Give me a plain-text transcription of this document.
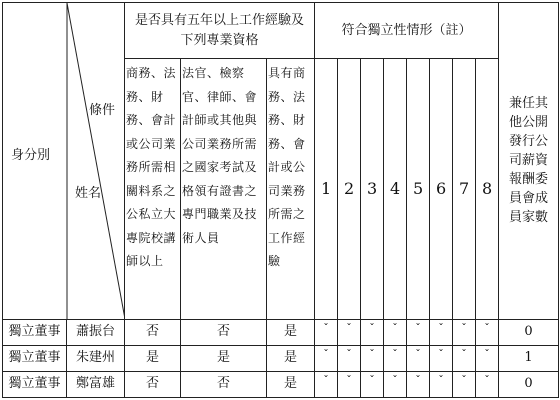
身分別
條件
姓名		是否具有五年以上工作經驗及下列專業資格			符合獨立性情形（註）								兼任其他公開發行公司薪資報酬委員會成員家數
		商務、法務、財務、會計或公司業務所需相關料系之公私立大專院校講師以上	法官、檢察官、律師、會計師或其他與公司業務所需之國家考試及格領有證書之專門職業及技術人員	具有商務、法務、財務、會計或公司業務所需之工作經驗	1	2	3	4	5	6	7	8	
獨立董事	蕭振台	否	否	是	ˇ	ˇ	ˇ	ˇ	ˇ	ˇ	ˇ	ˇ	0
獨立董事	朱建州	是	是	是	ˇ	ˇ	ˇ	ˇ	ˇ	ˇ	ˇ	ˇ	1
獨立董事	鄭富雄	否	否	是	ˇ	ˇ	ˇ	ˇ	ˇ	ˇ	ˇ	ˇ	0
